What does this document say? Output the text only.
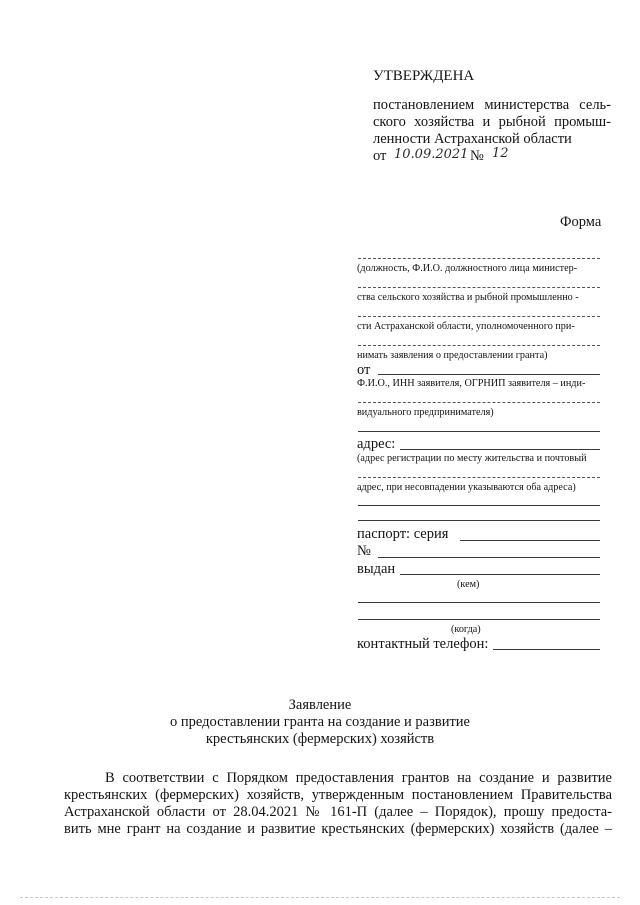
УТВЕРЖДЕНА
постановлением министерства сель-
ского хозяйства и рыбной промыш-
ленности Астраханской области
от 10.09.2021 № 12
Форма
(должность, Ф.И.О. должностного лица министер-
ства сельского хозяйства и рыбной промышленно -
сти Астраханской области, уполномоченного при-
нимать заявления о предоставлении гранта)
от
Ф.И.О., ИНН заявителя, ОГРНИП заявителя – инди-
видуального предпринимателя)
адрес:
(адрес регистрации по месту жительства и почтовый
адрес, при несовпадении указываются оба адреса)
паспорт: серия
№
выдан
(кем)
(когда)
контактный телефон:
Заявление
о предоставлении гранта на создание и развитие
крестьянских (фермерских) хозяйств
В соответствии с Порядком предоставления грантов на создание и развитие
крестьянских (фермерских) хозяйств, утвержденным постановлением Правительства
Астраханской области от 28.04.2021 № 161-П (далее – Порядок), прошу предоста-
вить мне грант на создание и развитие крестьянских (фермерских) хозяйств (далее –
